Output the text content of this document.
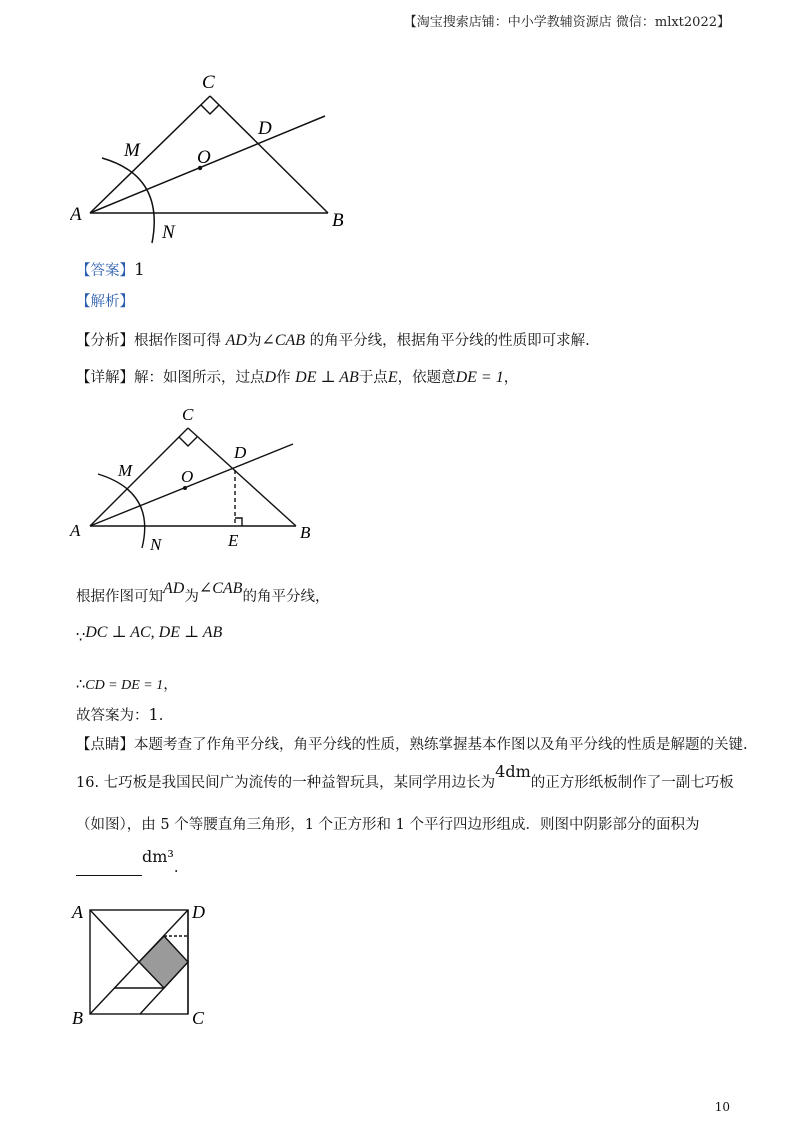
【淘宝搜索店铺：中小学教辅资源店 微信：mlxt2022】
C
D
M	O
A
N
B
【答案】1
【解析】
【分析】根据作图可得 AD为∠CAB 的角平分线，根据角平分线的性质即可求解.
【详解】解：如图所示，过点D作 DE ⊥ AB于点E，依题意DE = 1，
C
D
M	O
A
N	E	B
根据作图可知AD为∠CAB的角平分线，
∵DC ⊥ AC, DE ⊥ AB
∴CD = DE = 1，
故答案为：1.
【点睛】本题考查了作角平分线，角平分线的性质，熟练掌握基本作图以及角平分线的性质是解题的关键.
16. 七巧板是我国民间广为流传的一种益智玩具，某同学用边长为4dm的正方形纸板制作了一副七巧板
（如图），由 5 个等腰直角三角形，1 个正方形和 1 个平行四边形组成．则图中阴影部分的面积为
dm³.
A	D
B	C
10
